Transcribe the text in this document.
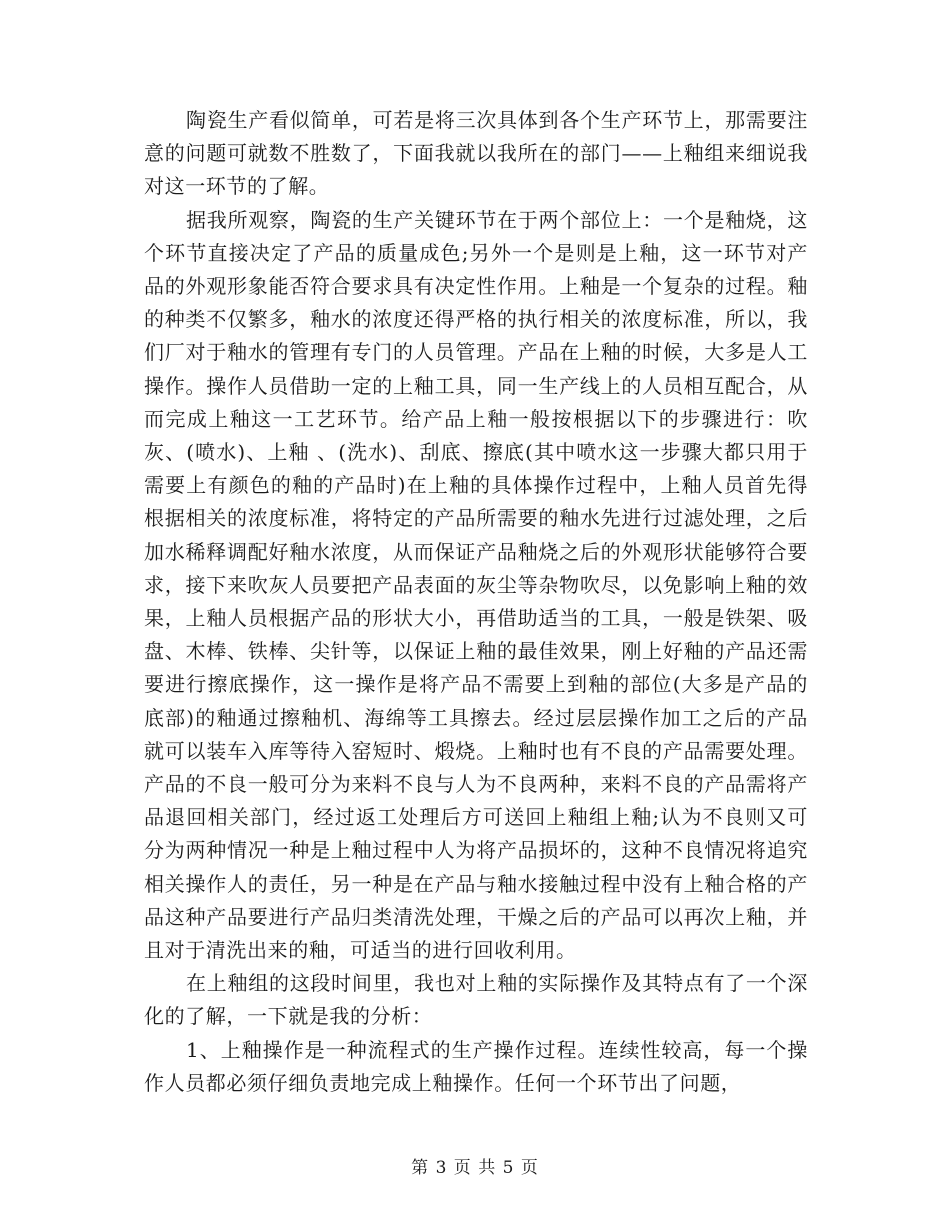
陶瓷生产看似简单，可若是将三次具体到各个生产环节上，那需要注意的问题可就数不胜数了，下面我就以我所在的部门——上釉组来细说我对这一环节的了解。

据我所观察，陶瓷的生产关键环节在于两个部位上：一个是釉烧，这个环节直接决定了产品的质量成色;另外一个是则是上釉，这一环节对产品的外观形象能否符合要求具有决定性作用。上釉是一个复杂的过程。釉的种类不仅繁多，釉水的浓度还得严格的执行相关的浓度标准，所以，我们厂对于釉水的管理有专门的人员管理。产品在上釉的时候，大多是人工操作。操作人员借助一定的上釉工具，同一生产线上的人员相互配合，从而完成上釉这一工艺环节。给产品上釉一般按根据以下的步骤进行：吹灰、(喷水)、上釉 、(洗水)、刮底、擦底(其中喷水这一步骤大都只用于需要上有颜色的釉的产品时)在上釉的具体操作过程中，上釉人员首先得根据相关的浓度标准，将特定的产品所需要的釉水先进行过滤处理，之后加水稀释调配好釉水浓度，从而保证产品釉烧之后的外观形状能够符合要求，接下来吹灰人员要把产品表面的灰尘等杂物吹尽，以免影响上釉的效果，上釉人员根据产品的形状大小，再借助适当的工具，一般是铁架、吸盘、木棒、铁棒、尖针等，以保证上釉的最佳效果，刚上好釉的产品还需要进行擦底操作，这一操作是将产品不需要上到釉的部位(大多是产品的底部)的釉通过擦釉机、海绵等工具擦去。经过层层操作加工之后的产品就可以装车入库等待入窑短时、煅烧。上釉时也有不良的产品需要处理。产品的不良一般可分为来料不良与人为不良两种，来料不良的产品需将产品退回相关部门，经过返工处理后方可送回上釉组上釉;认为不良则又可分为两种情况一种是上釉过程中人为将产品损坏的，这种不良情况将追究相关操作人的责任，另一种是在产品与釉水接触过程中没有上釉合格的产品这种产品要进行产品归类清洗处理，干燥之后的产品可以再次上釉，并且对于清洗出来的釉，可适当的进行回收利用。

在上釉组的这段时间里，我也对上釉的实际操作及其特点有了一个深化的了解，一下就是我的分析：

1、上釉操作是一种流程式的生产操作过程。连续性较高，每一个操作人员都必须仔细负责地完成上釉操作。任何一个环节出了问题，

第 3 页 共 5 页
